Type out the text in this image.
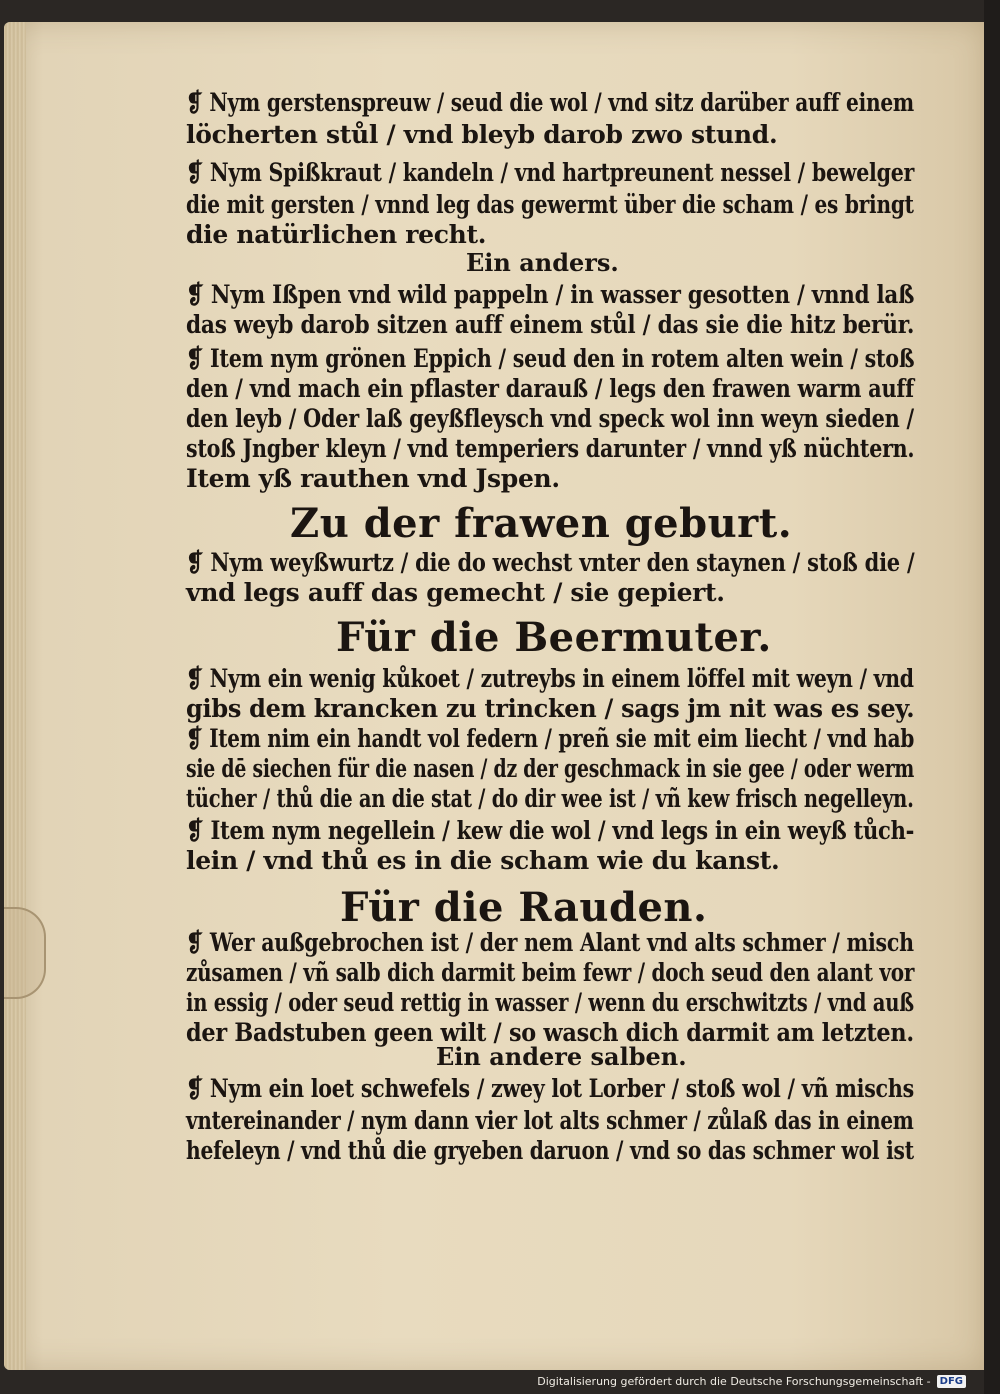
❡ Nym gerstenspreuw / seud die wol / vnd sitz darüber auff einem
löcherten stůl / vnd bleyb darob zwo stund.
❡ Nym Spißkraut / kandeln / vnd hartpreunent nessel / bewelger
die mit gersten / vnnd leg das gewermt über die scham / es bringt
die natürlichen recht.
Ein anders.
❡ Nym Ißpen vnd wild pappeln / in wasser gesotten / vnnd laß
das weyb darob sitzen auff einem stůl / das sie die hitz berür.
❡ Item nym grönen Eppich / seud den in rotem alten wein / stoß
den / vnd mach ein pflaster darauß / legs den frawen warm auff
den leyb / Oder laß geyßfleysch vnd speck wol inn weyn sieden /
stoß Jngber kleyn / vnd temperiers darunter / vnnd yß nüchtern.
Item yß rauthen vnd Jspen.
Zu der frawen geburt.
❡ Nym weyßwurtz / die do wechst vnter den staynen / stoß die /
vnd legs auff das gemecht / sie gepiert.
Für die Beermuter.
❡ Nym ein wenig kůkoet / zutreybs in einem löffel mit weyn / vnd
gibs dem krancken zu trincken / sags jm nit was es sey.
❡ Item nim ein handt vol federn / preñ sie mit eim liecht / vnd hab
sie dē siechen für die nasen / dz der geschmack in sie gee / oder werm
tücher / thů die an die stat / do dir wee ist / vñ kew frisch negelleyn.
❡ Item nym negellein / kew die wol / vnd legs in ein weyß tůch-
lein / vnd thů es in die scham wie du kanst.
Für die Rauden.
❡ Wer außgebrochen ist / der nem Alant vnd alts schmer / misch
zůsamen / vñ salb dich darmit beim fewr / doch seud den alant vor
in essig / oder seud rettig in wasser / wenn du erschwitzts / vnd auß
der Badstuben geen wilt / so wasch dich darmit am letzten.
Ein andere salben.
❡ Nym ein loet schwefels / zwey lot Lorber / stoß wol / vñ mischs
vntereinander / nym dann vier lot alts schmer / zůlaß das in einem
hefeleyn / vnd thů die gryeben daruon / vnd so das schmer wol ist
Digitalisierung gefördert durch die Deutsche Forschungsgemeinschaft - DFG
